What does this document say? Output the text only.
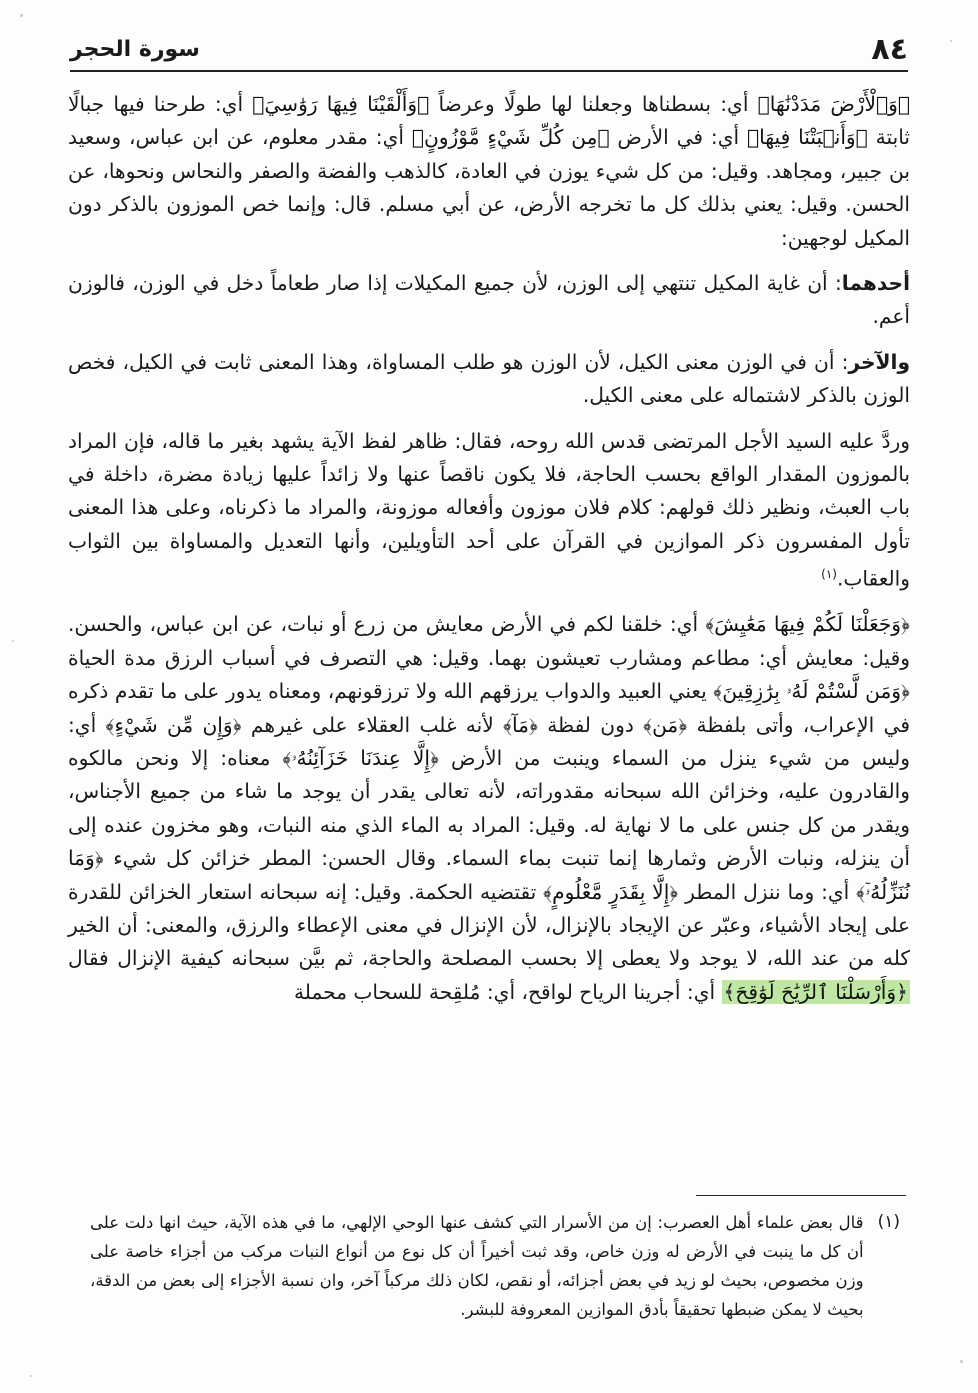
٨٤
سورة الحجر

﴿وَٱلْأَرْضَ مَدَدْنَٰهَا﴾ أي: بسطناها وجعلنا لها طولًا وعرضاً ﴿وَأَلْقَيْنَا فِيهَا رَوَٰسِيَ﴾ أي: طرحنا فيها جبالًا ثابتة ﴿وَأَنۢبَتْنَا فِيهَا﴾ أي: في الأرض ﴿مِن كُلِّ شَيْءٍ مَّوْزُونٍ﴾ أي: مقدر معلوم، عن ابن عباس، وسعيد بن جبير، ومجاهد. وقيل: من كل شيء يوزن في العادة، كالذهب والفضة والصفر والنحاس ونحوها، عن الحسن. وقيل: يعني بذلك كل ما تخرجه الأرض، عن أبي مسلم. قال: وإنما خص الموزون بالذكر دون المكيل لوجهين:

أحدهما: أن غاية المكيل تنتهي إلى الوزن، لأن جميع المكيلات إذا صار طعاماً دخل في الوزن، فالوزن أعم.

والآخر: أن في الوزن معنى الكيل، لأن الوزن هو طلب المساواة، وهذا المعنى ثابت في الكيل، فخص الوزن بالذكر لاشتماله على معنى الكيل.

وردَّ عليه السيد الأجل المرتضى قدس الله روحه، فقال: ظاهر لفظ الآية يشهد بغير ما قاله، فإن المراد بالموزون المقدار الواقع بحسب الحاجة، فلا يكون ناقصاً عنها ولا زائداً عليها زيادة مضرة، داخلة في باب العبث، ونظير ذلك قولهم: كلام فلان موزون وأفعاله موزونة، والمراد ما ذكرناه، وعلى هذا المعنى تأول المفسرون ذكر الموازين في القرآن على أحد التأويلين، وأنها التعديل والمساواة بين الثواب والعقاب.$^{(١)}$

﴿وَجَعَلْنَا لَكُمْ فِيهَا مَعَٰيِشَ﴾ أي: خلقنا لكم في الأرض معايش من زرع أو نبات، عن ابن عباس، والحسن. وقيل: معايش أي: مطاعم ومشارب تعيشون بهما. وقيل: هي التصرف في أسباب الرزق مدة الحياة ﴿وَمَن لَّسْتُمْ لَهُۥ بِرَٰزِقِينَ﴾ يعني العبيد والدواب يرزقهم الله ولا ترزقونهم، ومعناه يدور على ما تقدم ذكره في الإعراب، وأتى بلفظة ﴿مَن﴾ دون لفظة ﴿مَآ﴾ لأنه غلب العقلاء على غيرهم ﴿وَإِن مِّن شَيْءٍ﴾ أي: وليس من شيء ينزل من السماء وينبت من الأرض ﴿إِلَّا عِندَنَا خَزَآئِنُهُۥ﴾ معناه: إلا ونحن مالكوه والقادرون عليه، وخزائن الله سبحانه مقدوراته، لأنه تعالى يقدر أن يوجد ما شاء من جميع الأجناس، ويقدر من كل جنس على ما لا نهاية له. وقيل: المراد به الماء الذي منه النبات، وهو مخزون عنده إلى أن ينزله، ونبات الأرض وثمارها إنما تنبت بماء السماء. وقال الحسن: المطر خزائن كل شيء ﴿وَمَا نُنَزِّلُهُۥٓ﴾ أي: وما ننزل المطر ﴿إِلَّا بِقَدَرٍ مَّعْلُومٍ﴾ تقتضيه الحكمة. وقيل: إنه سبحانه استعار الخزائن للقدرة على إيجاد الأشياء، وعبّر عن الإيجاد بالإنزال، لأن الإنزال في معنى الإعطاء والرزق، والمعنى: أن الخير كله من عند الله، لا يوجد ولا يعطى إلا بحسب المصلحة والحاجة، ثم بيَّن سبحانه كيفية الإنزال فقال ﴿وَأَرْسَلْنَا ٱلرِّيَٰحَ لَوَٰقِحَ﴾ أي: أجرينا الرياح لواقح، أي: مُلقِحة للسحاب محملة

(١)
قال بعض علماء أهل العصرب: إن من الأسرار التي كشف عنها الوحي الإلهي، ما في هذه الآية، حيث انها دلت على أن كل ما ينبت في الأرض له وزن خاص، وقد ثبت أخيراً أن كل نوع من أنواع النبات مركب من أجزاء خاصة على وزن مخصوص، بحيث لو زيد في بعض أجزائه، أو نقص، لكان ذلك مركباً آخر، وان نسبة الأجزاء إلى بعض من الدقة، بحيث لا يمكن ضبطها تحقيقاً بأدق الموازين المعروفة للبشر.
